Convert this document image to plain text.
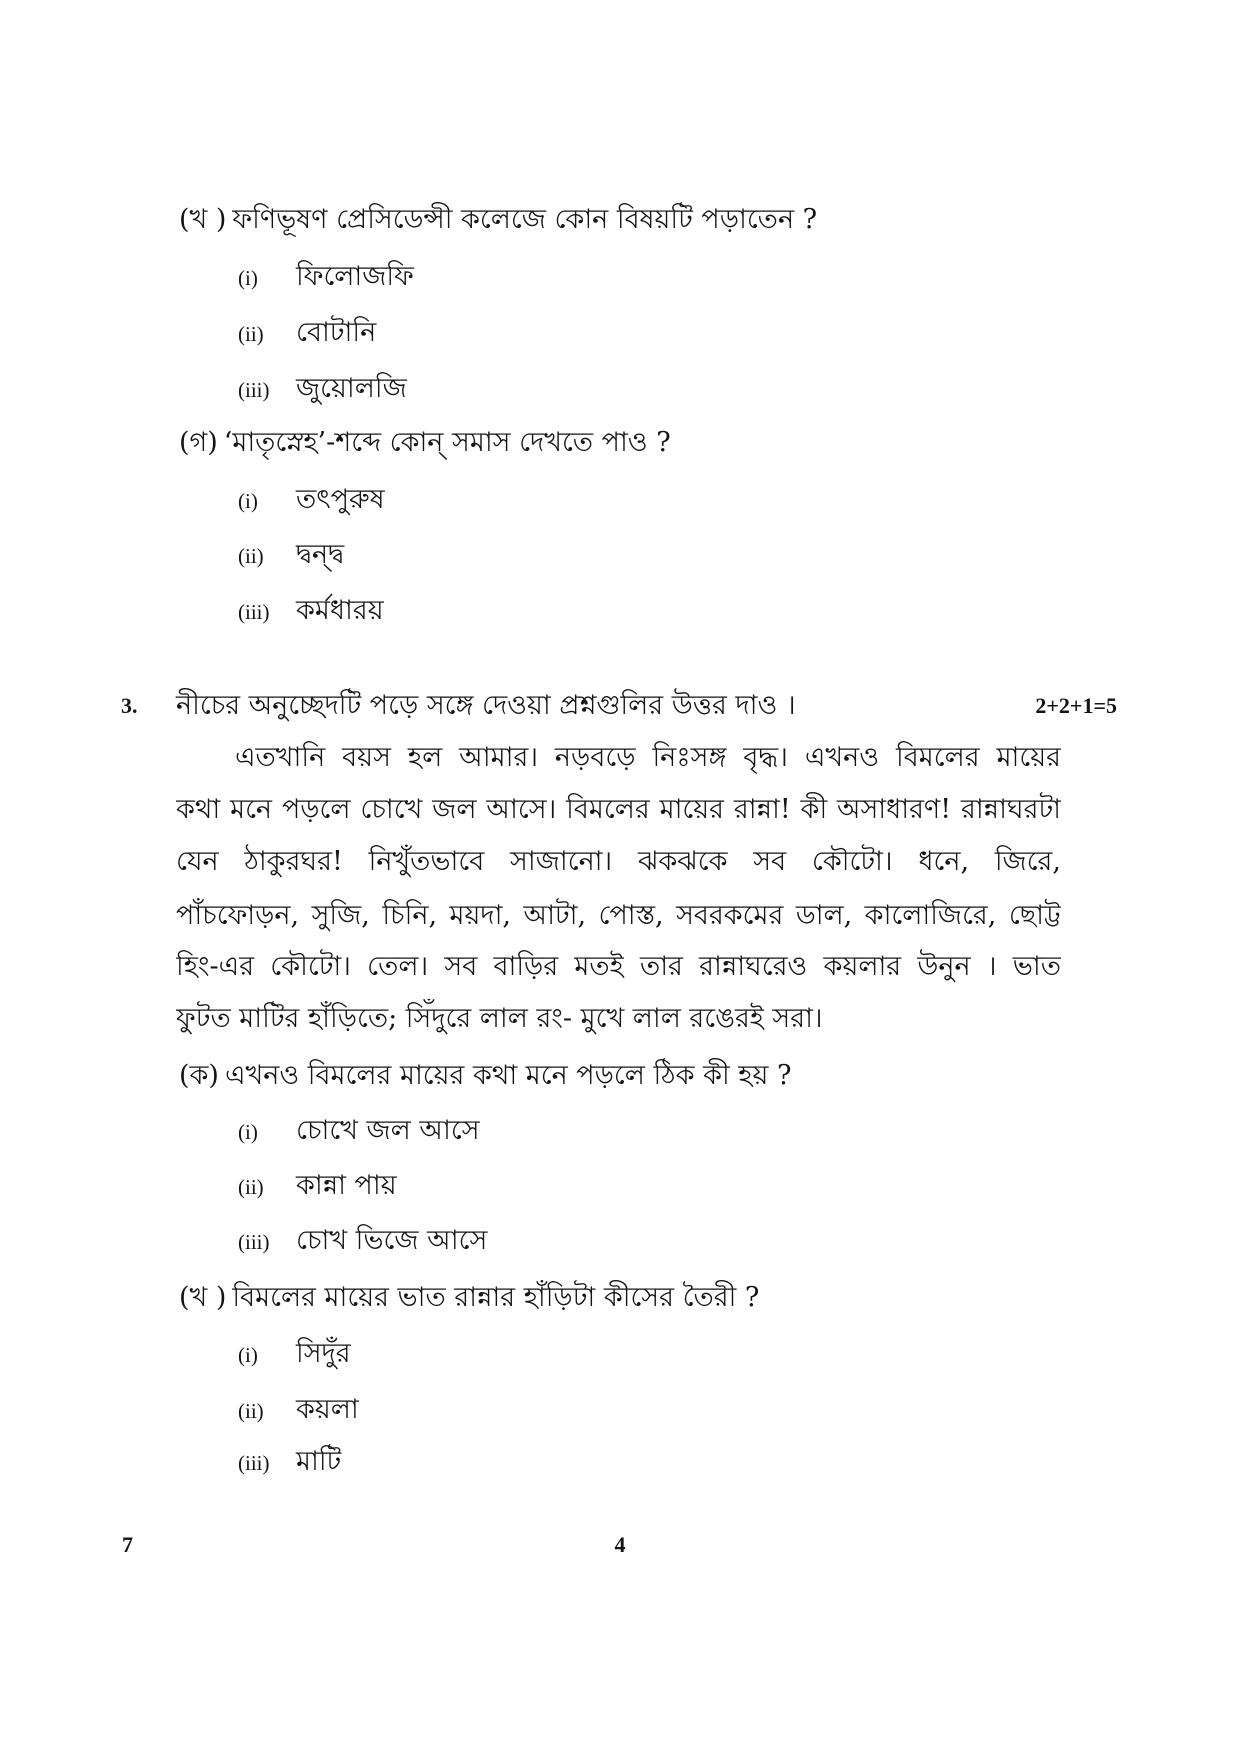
(খ ) ফণিভূষণ প্রেসিডেন্সী কলেজে কোন বিষয়টি পড়াতেন ?
(i) ফিলোজফি
(ii) বোটানি
(iii) জুয়োলজি
(গ) ‘মাতৃস্নেহ’-শব্দে কোন্ সমাস দেখতে পাও ?
(i) তৎপুরুষ
(ii) দ্বন্দ্ব
(iii) কর্মধারয়
3. নীচের অনুচ্ছেদটি পড়ে সঙ্গে দেওয়া প্রশ্নগুলির উত্তর দাও ।	2+2+1=5
এতখানি বয়স হল আমার। নড়বড়ে নিঃসঙ্গ বৃদ্ধ। এখনও বিমলের মায়ের
কথা মনে পড়লে চোখে জল আসে। বিমলের মায়ের রান্না! কী অসাধারণ! রান্নাঘরটা
যেন ঠাকুরঘর! নিখুঁতভাবে সাজানো। ঝকঝকে সব কৌটো। ধনে, জিরে,
পাঁচফোড়ন, সুজি, চিনি, ময়দা, আটা, পোস্ত, সবরকমের ডাল, কালোজিরে, ছোট্ট
হিং-এর কৌটো। তেল। সব বাড়ির মতই তার রান্নাঘরেও কয়লার উনুন । ভাত
ফুটত মাটির হাঁড়িতে; সিঁদুরে লাল রং- মুখে লাল রঙেরই সরা।
(ক) এখনও বিমলের মায়ের কথা মনে পড়লে ঠিক কী হয় ?
(i) চোখে জল আসে
(ii) কান্না পায়
(iii) চোখ ভিজে আসে
(খ ) বিমলের মায়ের ভাত রান্নার হাঁড়িটা কীসের তৈরী ?
(i) সিদুঁর
(ii) কয়লা
(iii) মাটি
7	4
